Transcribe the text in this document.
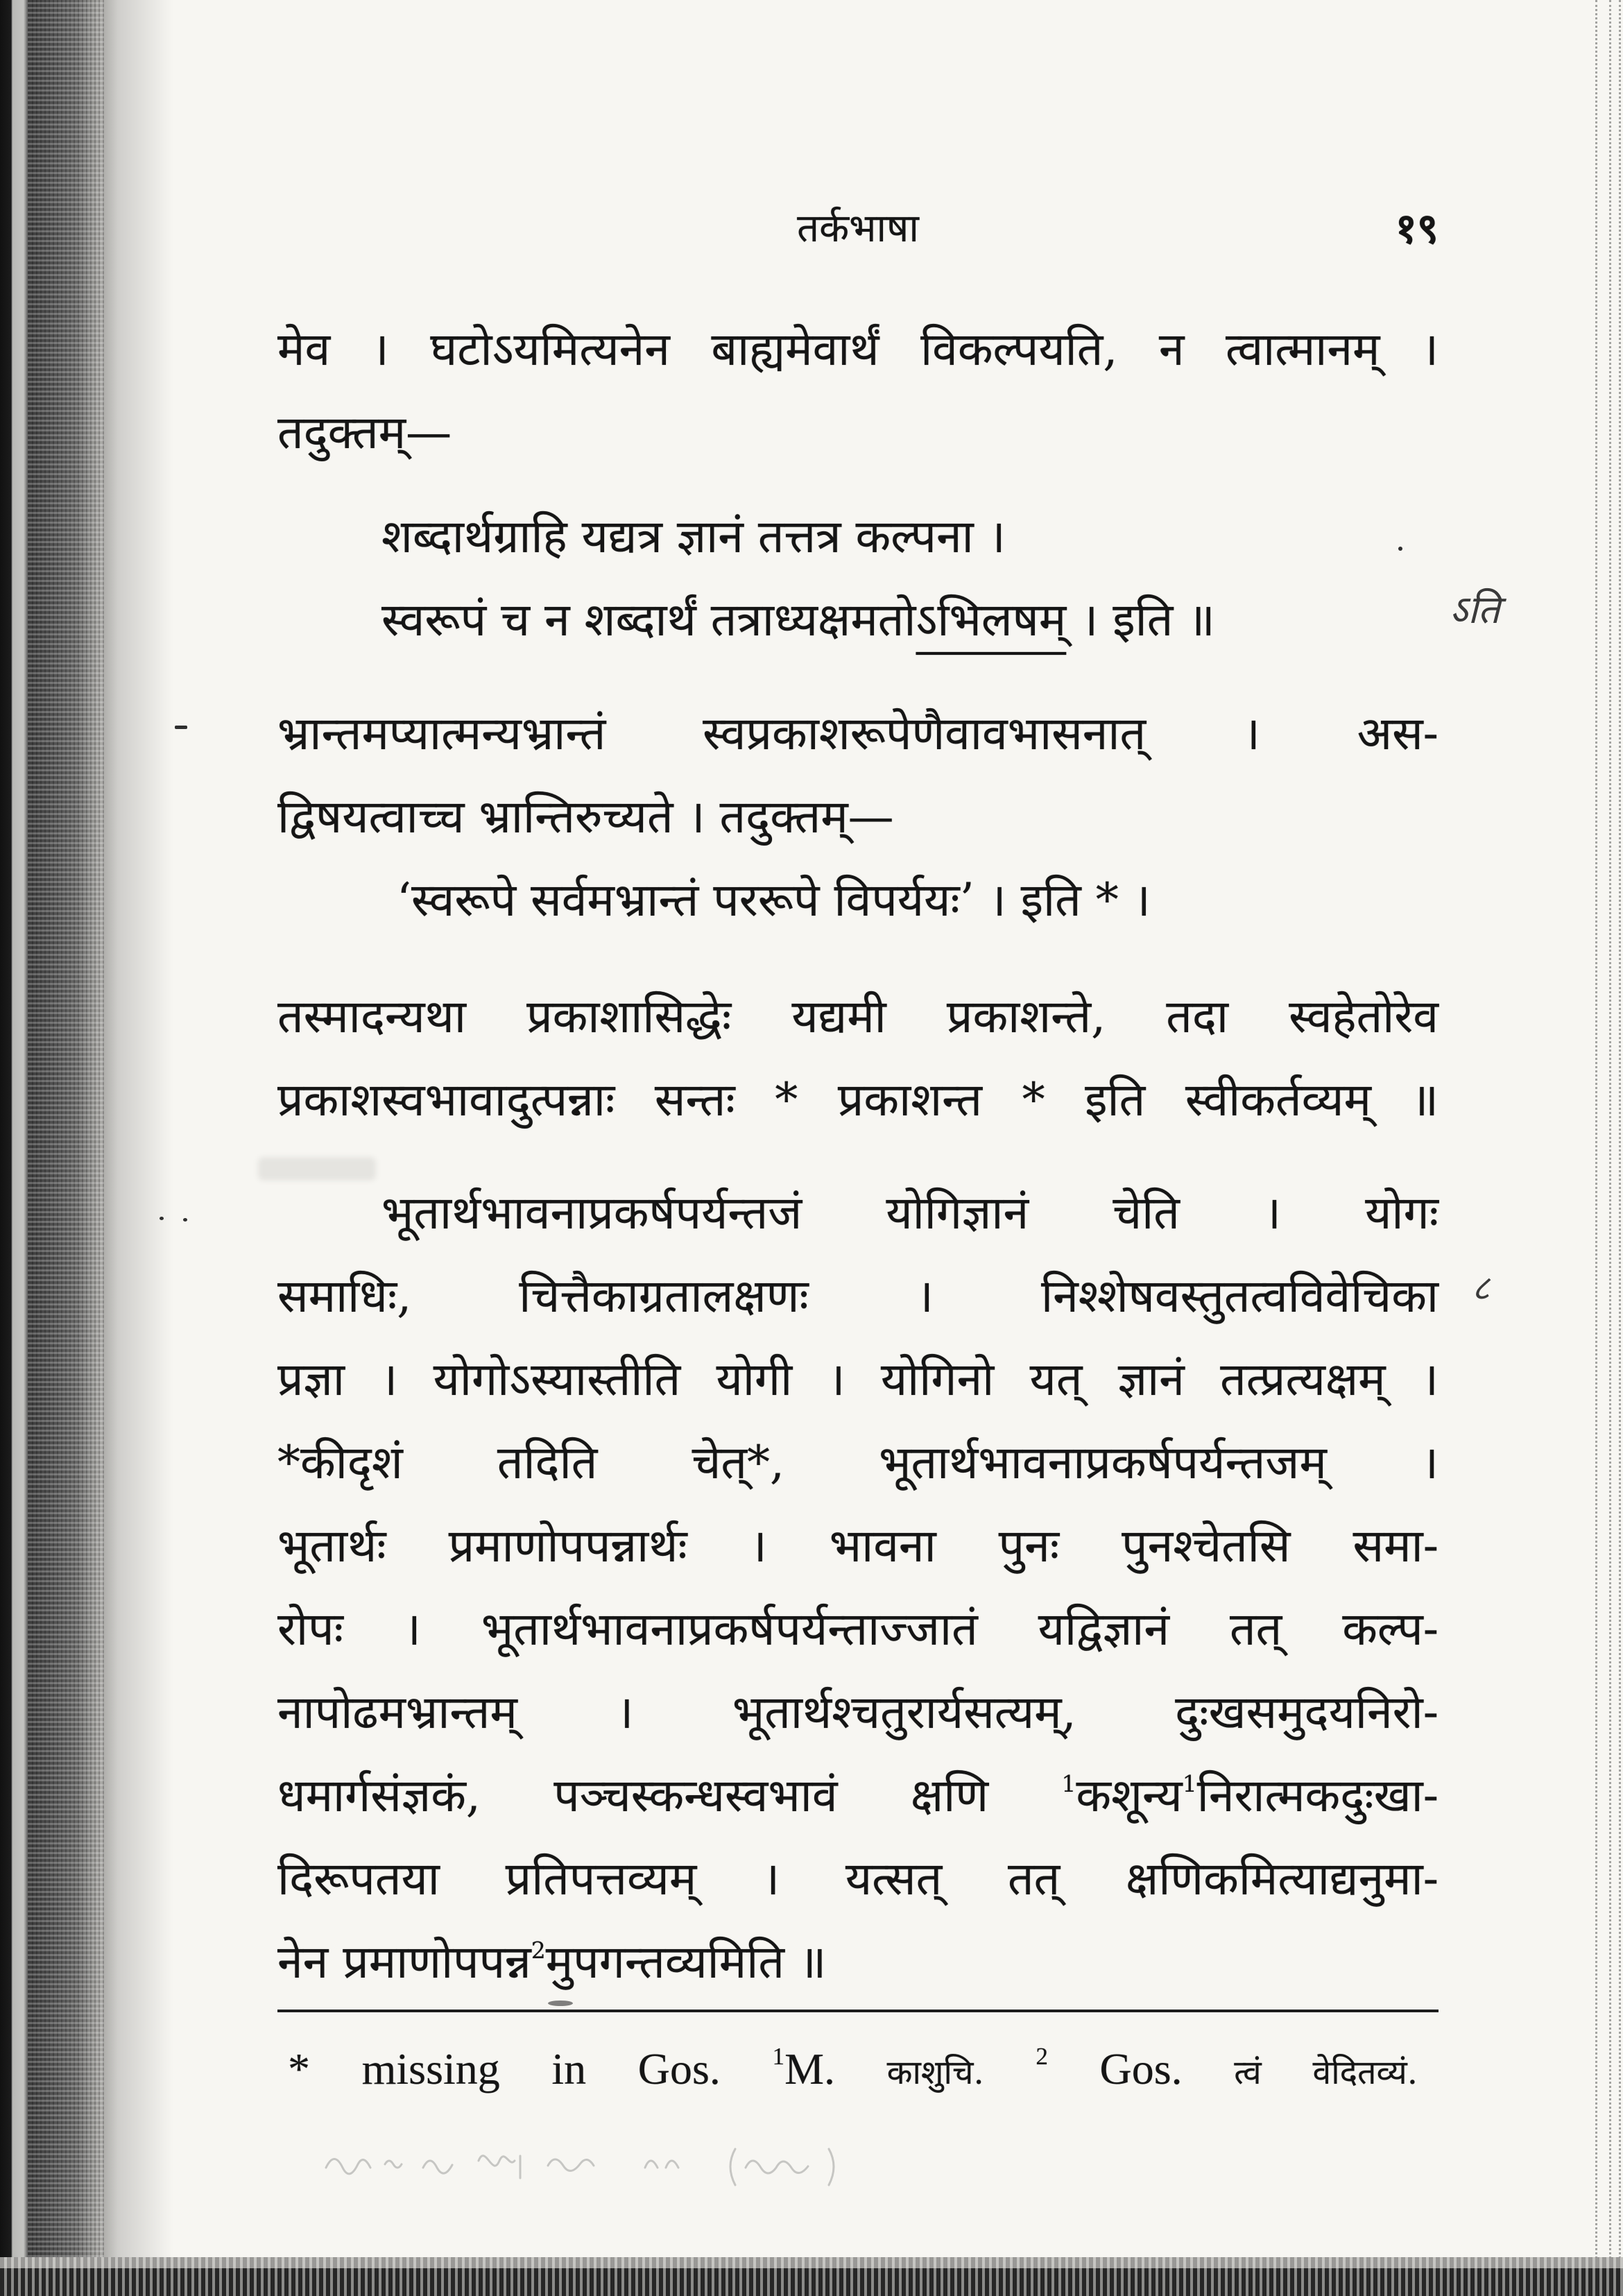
तर्कभाषा	१९
ऽति
८
मेव । घटोऽयमित्यनेन बाह्यमेवार्थं विकल्पयति, न त्वात्मानम् ।
तदुक्तम्—
शब्दार्थग्राहि यद्यत्र ज्ञानं तत्तत्र कल्पना ।
स्वरूपं च न शब्दार्थं तत्राध्यक्षमतोऽभिलषम् । इति ॥
भ्रान्तमप्यात्मन्यभ्रान्तं स्वप्रकाशरूपेणैवावभासनात् । अस-
द्विषयत्वाच्च भ्रान्तिरुच्यते । तदुक्तम्—
‘स्वरूपे सर्वमभ्रान्तं पररूपे विपर्ययः’ । इति * ।
तस्मादन्यथा प्रकाशासिद्धेः यद्यमी प्रकाशन्ते, तदा स्वहेतोरेव
प्रकाशस्वभावादुत्पन्नाः सन्तः * प्रकाशन्त * इति स्वीकर्तव्यम् ॥
भूतार्थभावनाप्रकर्षपर्यन्तजं योगिज्ञानं चेति । योगः
समाधिः, चित्तैकाग्रतालक्षणः । निश्शेषवस्तुतत्वविवेचिका
प्रज्ञा । योगोऽस्यास्तीति योगी । योगिनो यत् ज्ञानं तत्प्रत्यक्षम् ।
*कीदृशं तदिति चेत्*, भूतार्थभावनाप्रकर्षपर्यन्तजम् ।
भूतार्थः प्रमाणोपपन्नार्थः । भावना पुनः पुनश्चेतसि समा-
रोपः । भूतार्थभावनाप्रकर्षपर्यन्ताज्जातं यद्विज्ञानं तत् कल्प-
नापोढमभ्रान्तम् । भूतार्थश्चतुरार्यसत्यम्, दुःखसमुदयनिरो-
धमार्गसंज्ञकं, पञ्चस्कन्धस्वभावं क्षणि $^1$कशून्य$^1$निरात्मकदुःखा-
दिरूपतया प्रतिपत्तव्यम् । यत्सत् तत् क्षणिकमित्याद्यनुमा-
नेन प्रमाणोपपन्न$^2$मुपगन्तव्यमिति ॥
* missing in Gos. $^1$M. काशुचि. $^2$ Gos. त्वं वेदितव्यं.
